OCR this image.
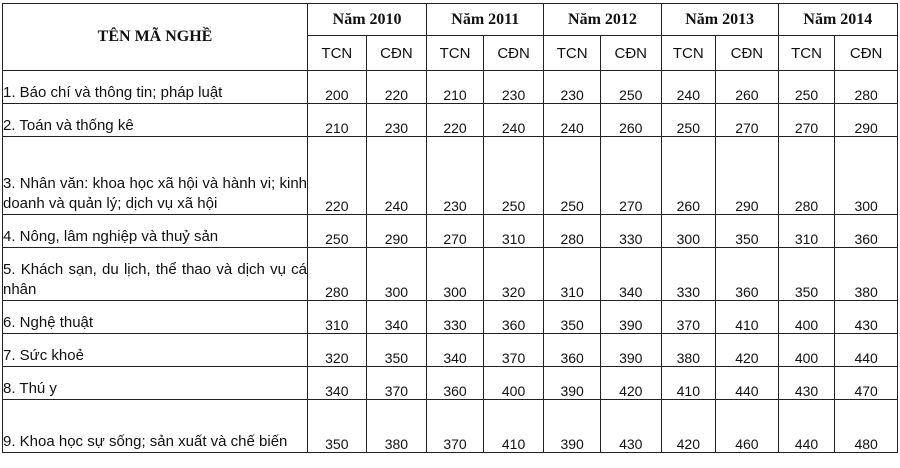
TÊN MÃ NGHỀ	Năm 2010		Năm 2011		Năm 2012		Năm 2013		Năm 2014	
	TCN	CĐN	TCN	CĐN	TCN	CĐN	TCN	CĐN	TCN	CĐN
1. Báo chí và thông tin; pháp luật	200	220	210	230	230	250	240	260	250	280
2. Toán và thống kê	210	230	220	240	240	260	250	270	270	290
3. Nhân văn: khoa học xã hội và hành vi; kinh doanh và quản lý; dịch vụ xã hội	220	240	230	250	250	270	260	290	280	300
4. Nông, lâm nghiệp và thuỷ sản	250	290	270	310	280	330	300	350	310	360
5. Khách sạn, du lịch, thể thao và dịch vụ cá nhân	280	300	300	320	310	340	330	360	350	380
6. Nghệ thuật	310	340	330	360	350	390	370	410	400	430
7. Sức khoẻ	320	350	340	370	360	390	380	420	400	440
8. Thú y	340	370	360	400	390	420	410	440	430	470
9. Khoa học sự sống; sản xuất và chế biến	350	380	370	410	390	430	420	460	440	480
